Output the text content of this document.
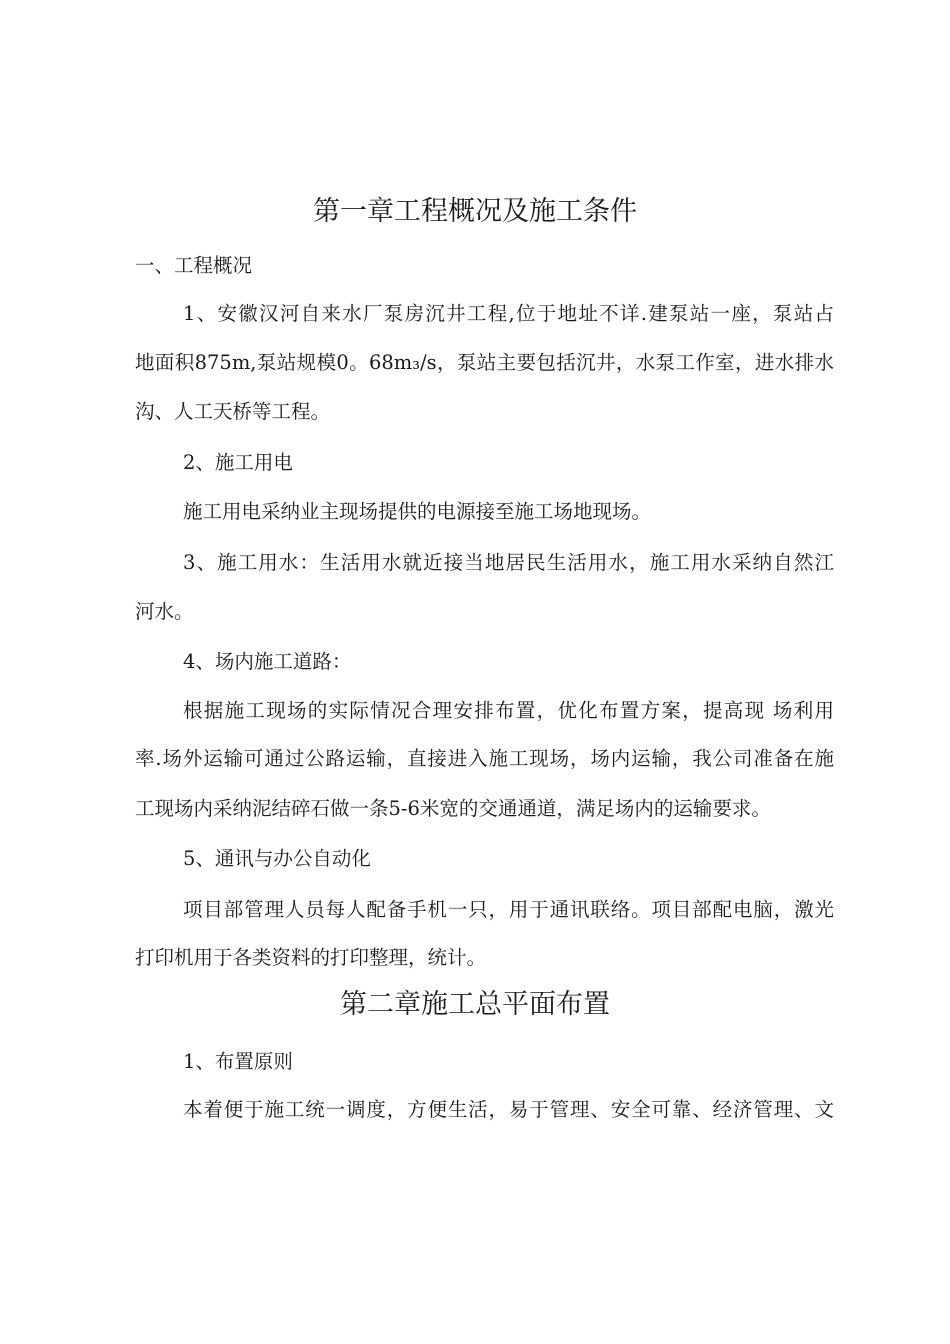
第一章工程概况及施工条件
一、工程概况
1、安徽汉河自来水厂泵房沉井工程,位于地址不详.建泵站一座，泵站占
地面积875m,泵站规模0。68m₃/s，泵站主要包括沉井，水泵工作室，进水排水
沟、人工天桥等工程。
2、施工用电
施工用电采纳业主现场提供的电源接至施工场地现场。
3、施工用水：生活用水就近接当地居民生活用水，施工用水采纳自然江
河水。
4、场内施工道路：
根据施工现场的实际情况合理安排布置，优化布置方案，提高现 场利用
率.场外运输可通过公路运输，直接进入施工现场，场内运输，我公司准备在施
工现场内采纳泥结碎石做一条5-6米宽的交通通道，满足场内的运输要求。
5、通讯与办公自动化
项目部管理人员每人配备手机一只，用于通讯联络。项目部配电脑，激光
打印机用于各类资料的打印整理，统计。
第二章施工总平面布置
1、布置原则
本着便于施工统一调度，方便生活，易于管理、安全可靠、经济管理、文
